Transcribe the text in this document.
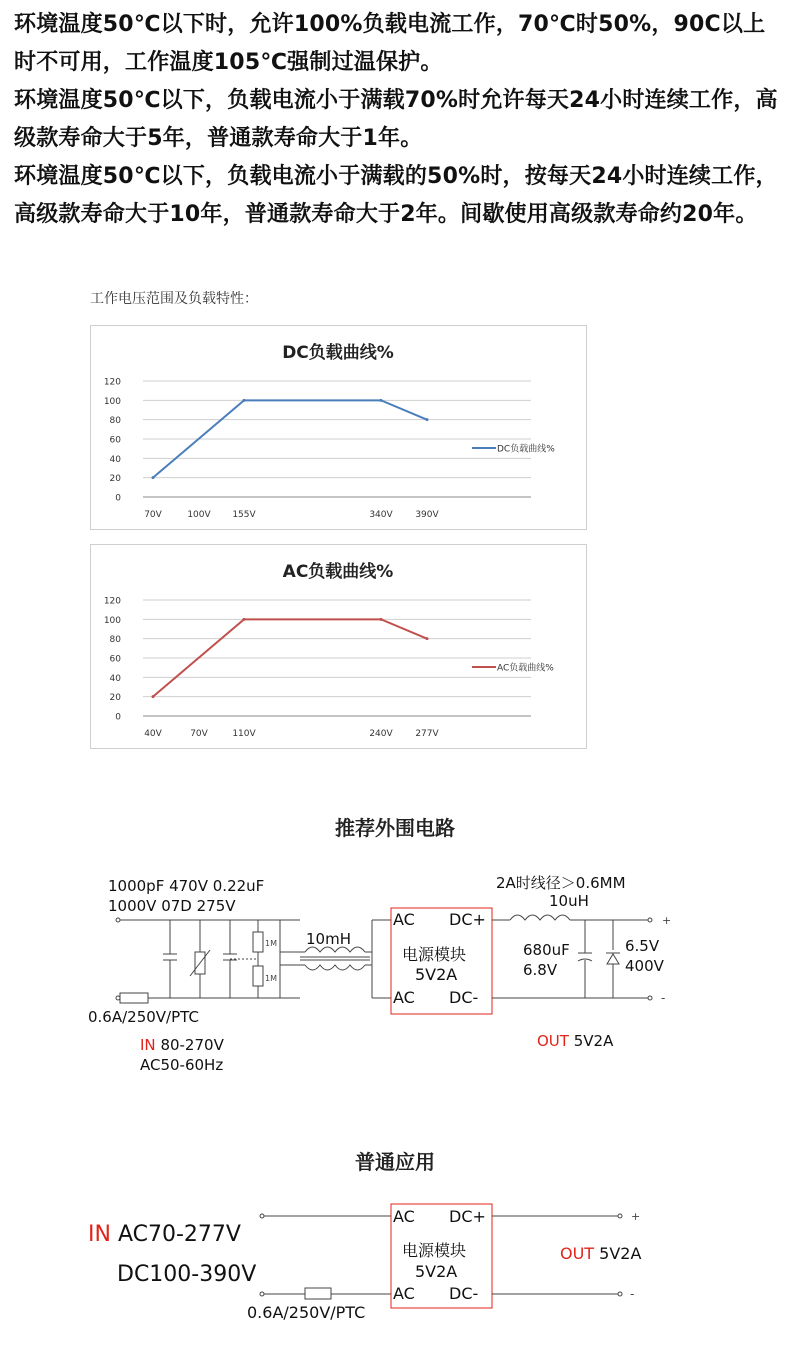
环境温度50℃以下时，允许100%负载电流工作，70℃时50%，90C以上时不可用，工作温度105℃强制过温保护。

环境温度50℃以下，负载电流小于满载70%时允许每天24小时连续工作，高级款寿命大于5年，普通款寿命大于1年。

环境温度50℃以下，负载电流小于满载的50%时，按每天24小时连续工作，高级款寿命大于10年，普通款寿命大于2年。间歇使用高级款寿命约20年。

工作电压范围及负载特性：
DC负载曲线%
0
20
40
60
80
100
120
70V	100V 155V	340V	390V
DC负载曲线%
AC负载曲线%
0
20
40
60
80
100
120
40V	70V	110V	240V	277V
AC负载曲线%
推荐外围电路
+
-
1M
1M
1000pF 470V 0.22uF
1000V 07D 275V
10mH
0.6A/250V/PTC
IN 80-270V
AC50-60Hz
AC DC+
电源模块
5V2A
AC DC-
2A时线径＞0.6MM
10uH
680uF
6.8V
6.5V
400V
OUT 5V2A
普通应用
+
-
IN AC70-277V
DC100-390V
0.6A/250V/PTC
AC DC+
电源模块
5V2A
AC DC-
OUT 5V2A
